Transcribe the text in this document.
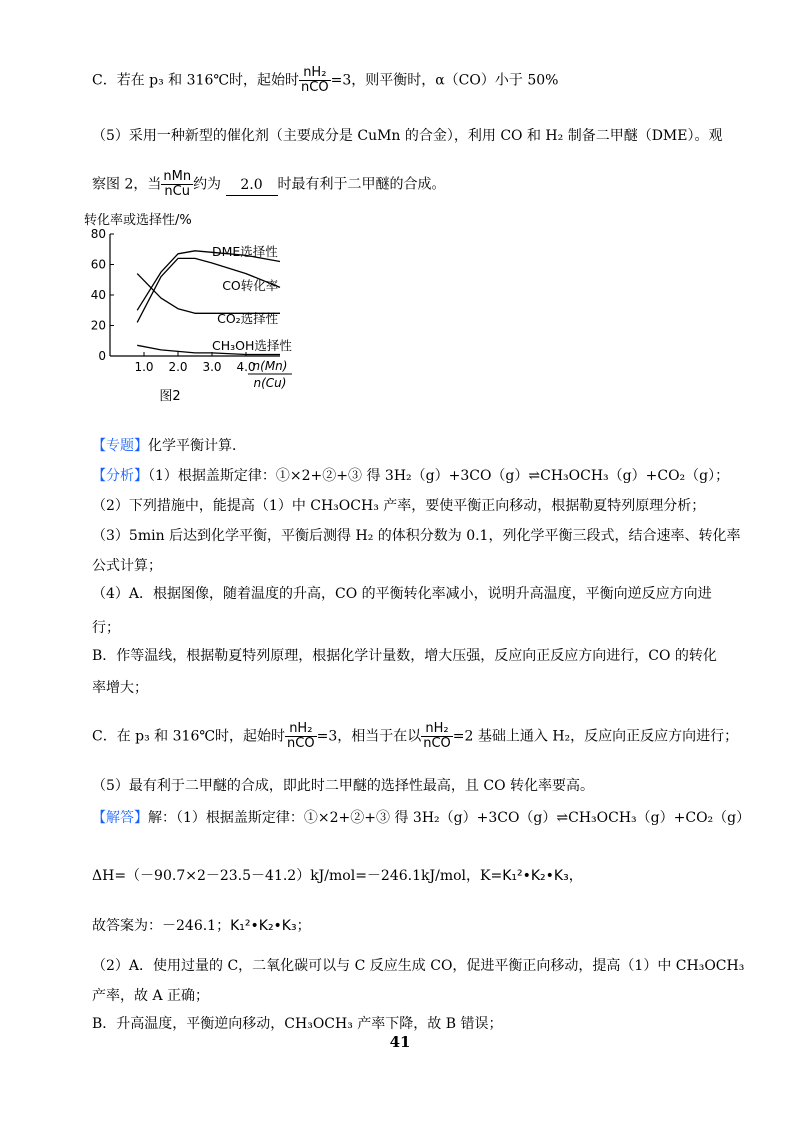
C．若在 p₃ 和 316℃时，起始时 $\frac{\text{nH₂}}{\text{nCO}} =3$，则平衡时，α（CO）小于 50%
（5）采用一种新型的催化剂（主要成分是 CuMn 的合金），利用 CO 和 H₂ 制备二甲醚（DME）。观
察图 2，当 $\frac{\text{nMn}}{\text{nCu}}$ 约为 2.0 时最有利于二甲醚的合成。
转化率或选择性/%
0
20
40
60
80
1.0 2.0 3.0 4.0
n(Mn)
n(Cu)
图2
DME选择性
CO转化率
CO₂选择性
CH₃OH选择性
【专题】化学平衡计算．
【分析】（1）根据盖斯定律：①×2+②+③ 得 3H₂（g）+3CO（g）⇌CH₃OCH₃（g）+CO₂（g）；
（2）下列措施中，能提高（1）中 CH₃OCH₃ 产率，要使平衡正向移动，根据勒夏特列原理分析；
（3）5min 后达到化学平衡，平衡后测得 H₂ 的体积分数为 0.1，列化学平衡三段式，结合速率、转化率
公式计算；
（4）A．根据图像，随着温度的升高，CO 的平衡转化率减小，说明升高温度，平衡向逆反应方向进
行；
B．作等温线，根据勒夏特列原理，根据化学计量数，增大压强，反应向正反应方向进行，CO 的转化
率增大；
C．在 p₃ 和 316℃时，起始时 $\frac{\text{nH₂}}{\text{nCO}} =3$，相当于在以 $\frac{\text{nH₂}}{\text{nCO}} =2$ 基础上通入 H₂，反应向正反应方向进行；
（5）最有利于二甲醚的合成，即此时二甲醚的选择性最高，且 CO 转化率要高。
【解答】解：（1）根据盖斯定律：①×2+②+③ 得 3H₂（g）+3CO（g）⇌CH₃OCH₃（g）+CO₂（g）
ΔH=（－90.7×2－23.5－41.2）kJ/mol=－246.1kJ/mol，K=K₁²•K₂•K₃，
故答案为：－246.1；K₁²•K₂•K₃；
（2）A．使用过量的 C，二氧化碳可以与 C 反应生成 CO，促进平衡正向移动，提高（1）中 CH₃OCH₃
产率，故 A 正确；
B．升高温度，平衡逆向移动，CH₃OCH₃ 产率下降，故 B 错误；
41
